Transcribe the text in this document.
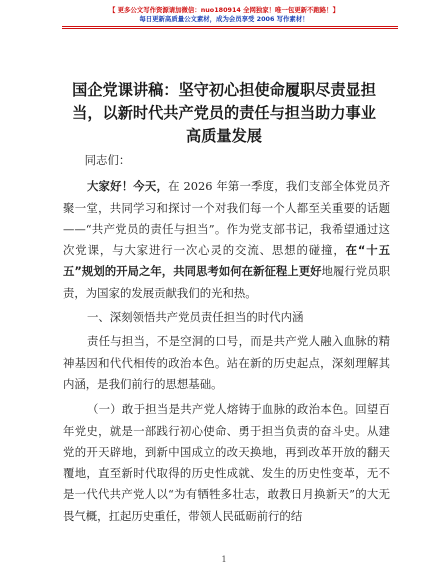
【 更多公文写作资源请加微信：nuo180914 全网独家！唯一包更新不跑路！】
每日更新高质量公文素材，成为会员享受 2006 写作素材！
国企党课讲稿：坚守初心担使命履职尽责显担
当，以新时代共产党员的责任与担当助力事业
高质量发展

同志们：

大家好！今天，在 2026 年第一季度，我们支部全体党员齐聚一堂，共同学习和探讨一个对我们每一个人都至关重要的话题——“共产党员的责任与担当”。作为党支部书记，我希望通过这次党课，与大家进行一次心灵的交流、思想的碰撞，在“十五五”规划的开局之年，共同思考如何在新征程上更好地履行党员职责，为国家的发展贡献我们的光和热。

一、深刻领悟共产党员责任担当的时代内涵

责任与担当，不是空洞的口号，而是共产党人融入血脉的精神基因和代代相传的政治本色。站在新的历史起点，深刻理解其内涵，是我们前行的思想基础。

（一）敢于担当是共产党人熔铸于血脉的政治本色。回望百年党史，就是一部践行初心使命、勇于担当负责的奋斗史。从建党的开天辟地，到新中国成立的改天换地，再到改革开放的翻天覆地，直至新时代取得的历史性成就、发生的历史性变革，无不是一代代共产党人以“为有牺牲多壮志，敢教日月换新天”的大无畏气概，扛起历史重任，带领人民砥砺前行的结

1
